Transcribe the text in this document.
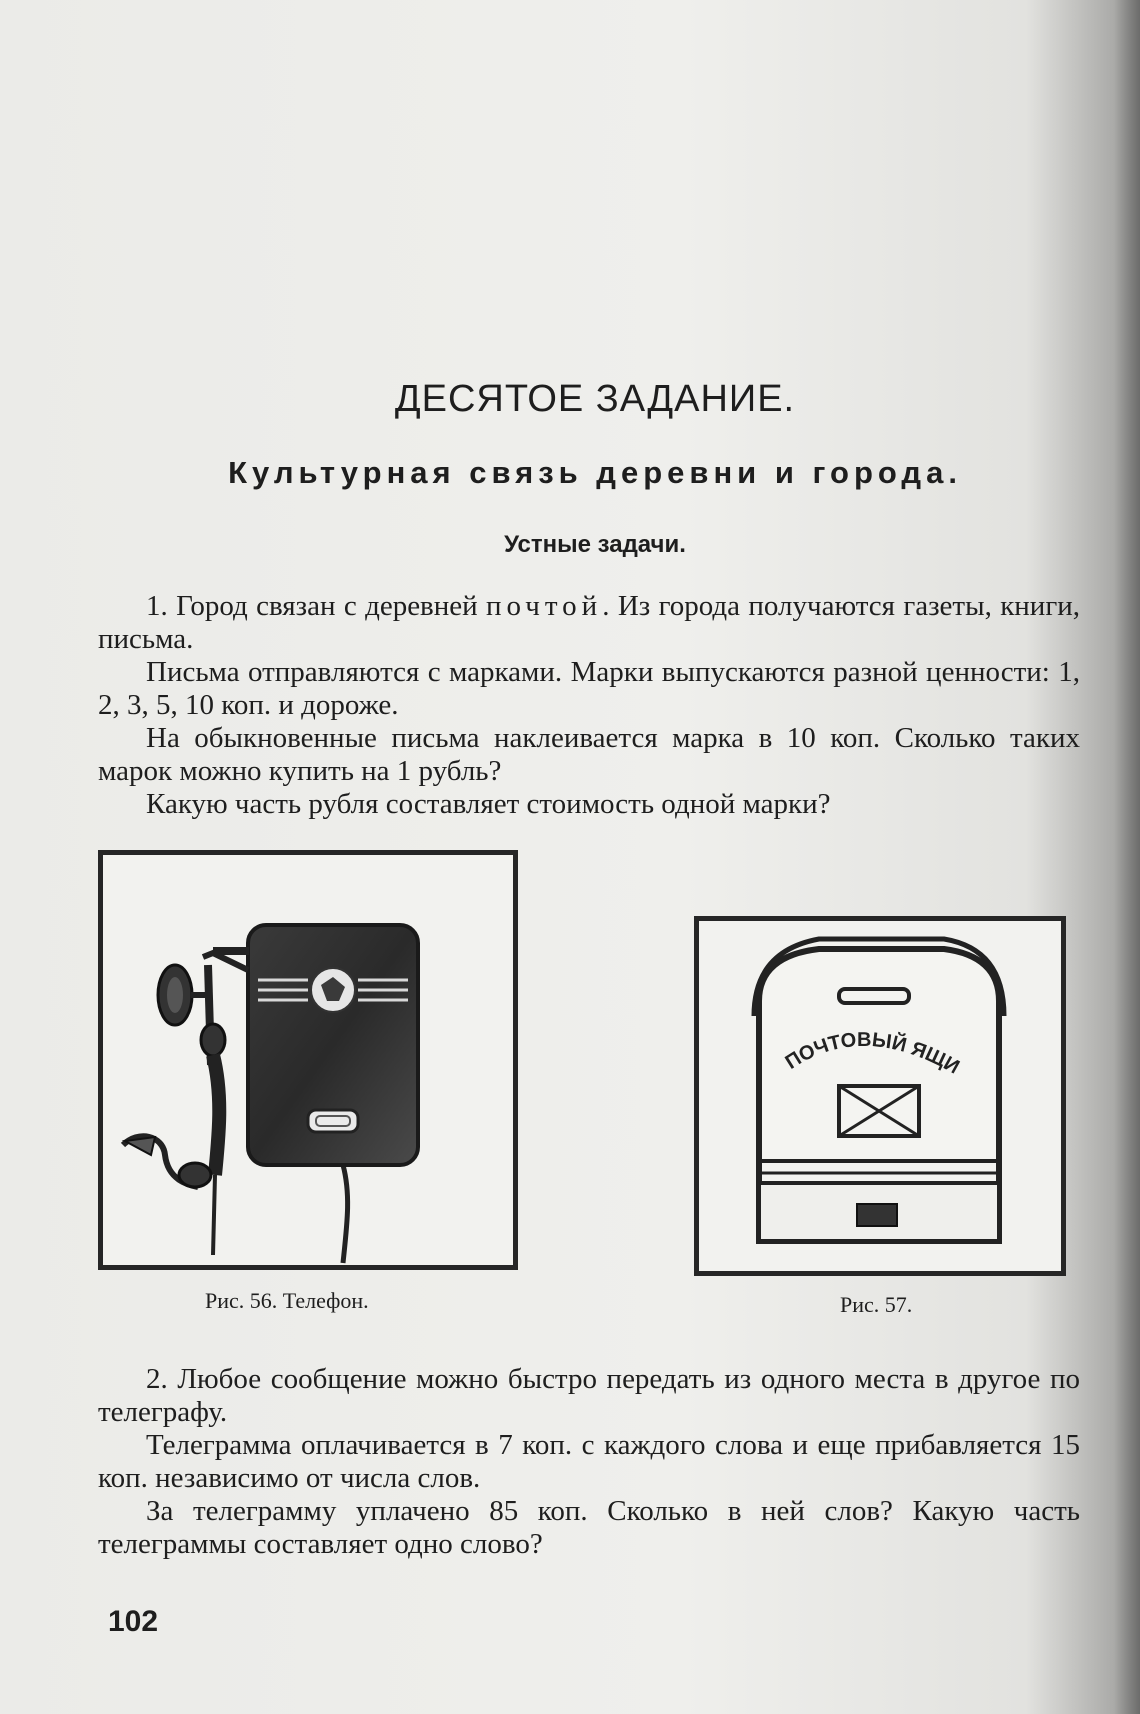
ДЕСЯТОЕ ЗАДАНИЕ.
Культурная связь деревни и города.
Устные задачи.

1. Город связан с деревней почтой. Из города получаются газеты, книги, письма.

Письма отправляются с марками. Марки выпускаются разной ценности: 1, 2, 3, 5, 10 коп. и дороже.

На обыкновенные письма наклеивается марка в 10 коп. Сколько таких марок можно купить на 1 рубль?

Какую часть рубля составляет стоимость одной марки?

Рис. 56. Телефон.
ПОЧТОВЫЙ ЯЩИ
Рис. 57.

2. Любое сообщение можно быстро передать из одного места в другое по телеграфу.

Телеграмма оплачивается в 7 коп. с каждого слова и еще прибавляется 15 коп. независимо от числа слов.

За телеграмму уплачено 85 коп. Сколько в ней слов? Какую часть телеграммы составляет одно слово?

102
